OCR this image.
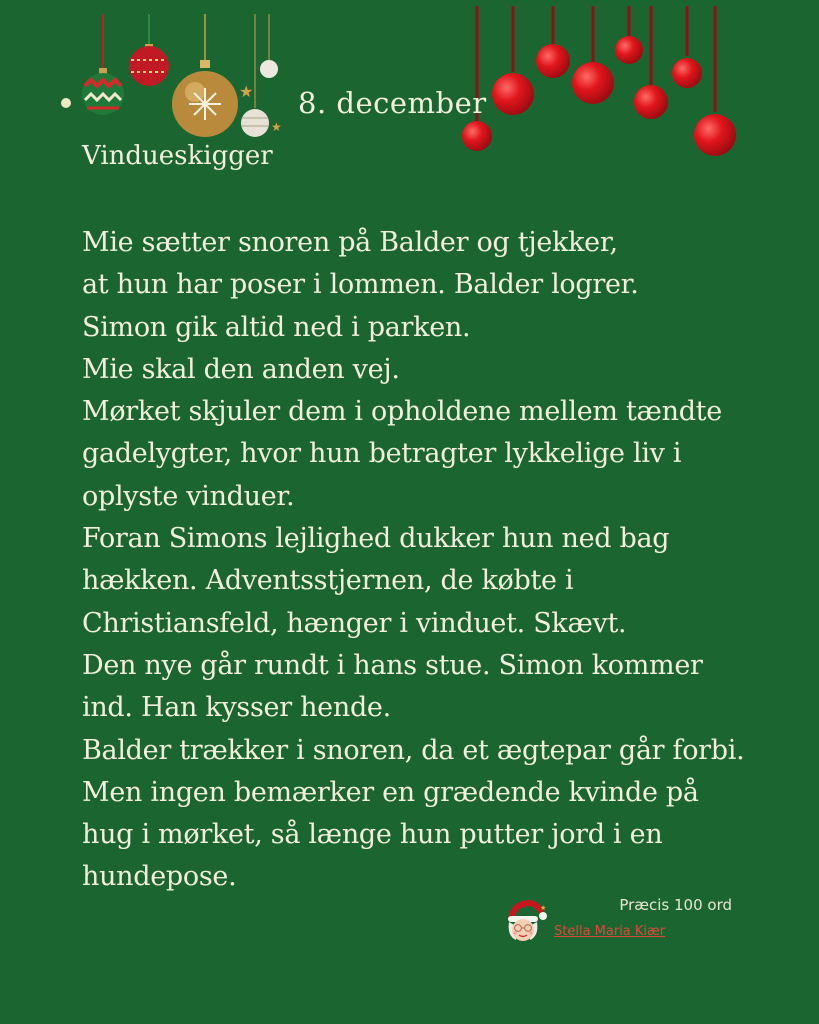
★
★
8. december
Vindueskigger
Mie sætter snoren på Balder og tjekker,
at hun har poser i lommen. Balder logrer.
Simon gik altid ned i parken.
Mie skal den anden vej.
Mørket skjuler dem i opholdene mellem tændte
gadelygter, hvor hun betragter lykkelige liv i
oplyste vinduer.
Foran Simons lejlighed dukker hun ned bag
hækken. Adventsstjernen, de købte i
Christiansfeld, hænger i vinduet. Skævt.
Den nye går rundt i hans stue. Simon kommer
ind. Han kysser hende.
Balder trækker i snoren, da et ægtepar går forbi.
Men ingen bemærker en grædende kvinde på
hug i mørket, så længe hun putter jord i en
hundepose.
Præcis 100 ord
★
Stella Maria Kiær
